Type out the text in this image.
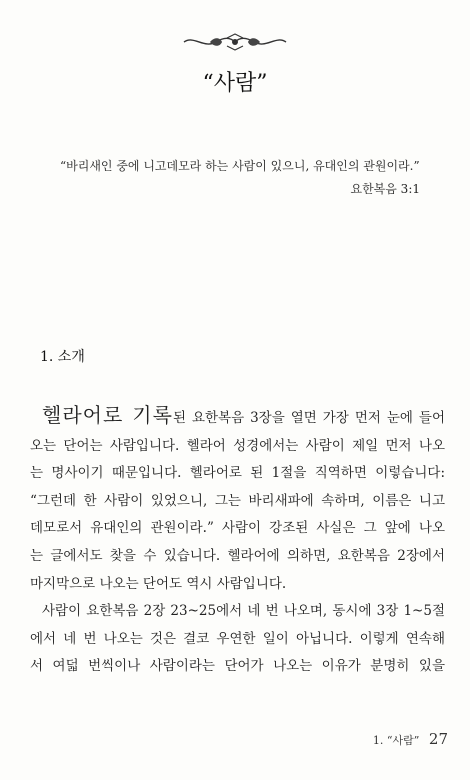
“사람”
“바리새인 중에 니고데모라 하는 사람이 있으니, 유대인의 관원이라.”
요한복음 3:1
1. 소개
헬라어로 기록된 요한복음 3장을 열면 가장 먼저 눈에 들어
오는 단어는 사람입니다. 헬라어 성경에서는 사람이 제일 먼저 나오
는 명사이기 때문입니다. 헬라어로 된 1절을 직역하면 이렇습니다:
“그런데 한 사람이 있었으니, 그는 바리새파에 속하며, 이름은 니고
데모로서 유대인의 관원이라.” 사람이 강조된 사실은 그 앞에 나오
는 글에서도 찾을 수 있습니다. 헬라어에 의하면, 요한복음 2장에서
마지막으로 나오는 단어도 역시 사람입니다.
사람이 요한복음 2장 23~25에서 네 번 나오며, 동시에 3장 1~5절
에서 네 번 나오는 것은 결코 우연한 일이 아닙니다. 이렇게 연속해
서 여덟 번씩이나 사람이라는 단어가 나오는 이유가 분명히 있을
1. “사람” 27
